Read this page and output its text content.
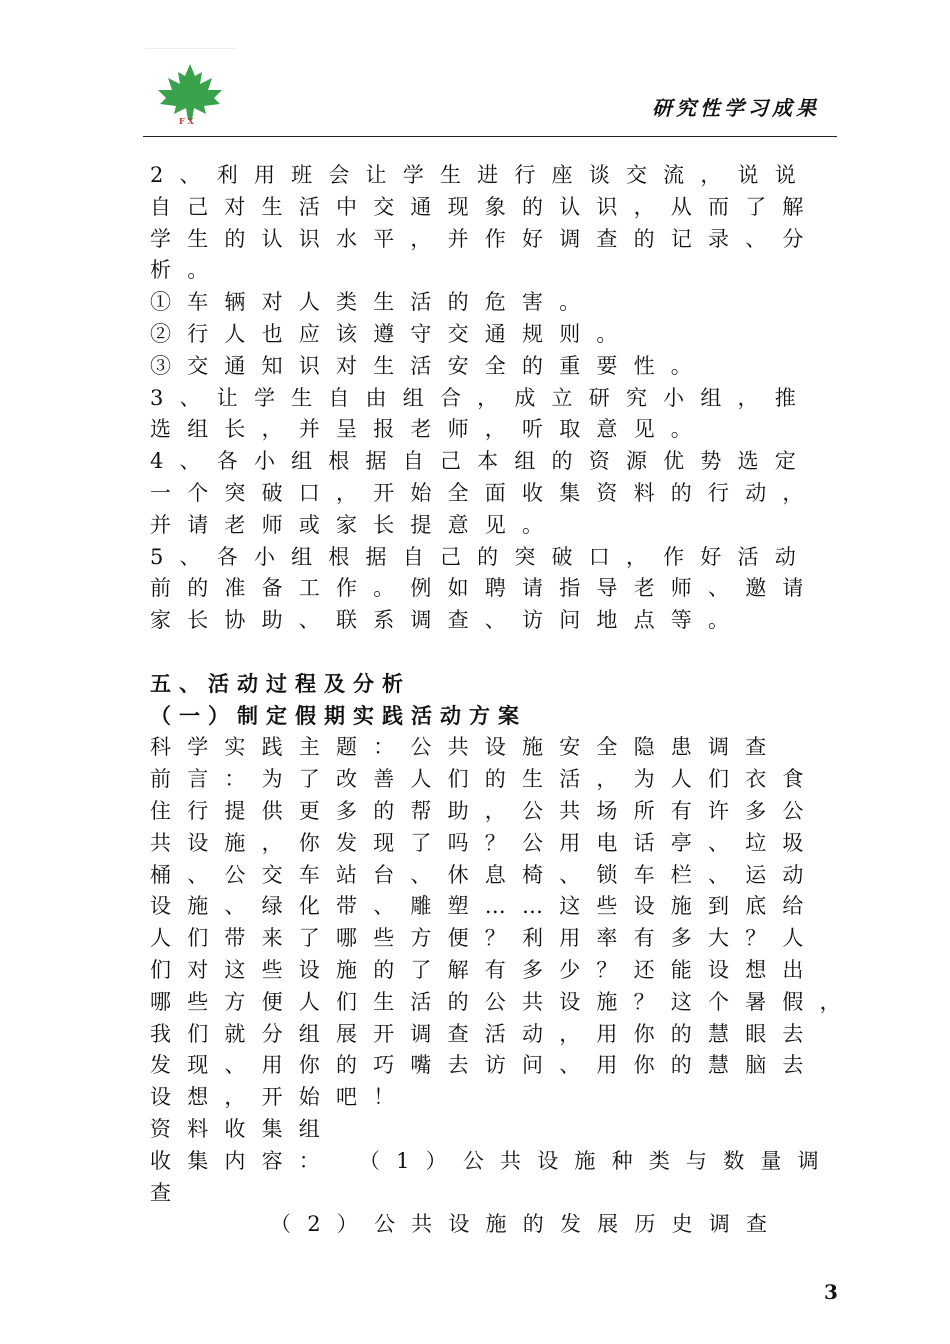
F X
研究性学习成果
2、利用班会让学生进行座谈交流，说说
自己对生活中交通现象的认识，从而了解
学生的认识水平，并作好调查的记录、分
析。
①车辆对人类生活的危害。
②行人也应该遵守交通规则。
③交通知识对生活安全的重要性。
3、让学生自由组合，成立研究小组，推
选组长，并呈报老师，听取意见。
4、各小组根据自己本组的资源优势选定
一个突破口，开始全面收集资料的行动，
并请老师或家长提意见。
5、各小组根据自己的突破口，作好活动
前的准备工作。例如聘请指导老师、邀请
家长协助、联系调查、访问地点等。
五、活动过程及分析
（一）制定假期实践活动方案
科学实践主题：公共设施安全隐患调查
前言：为了改善人们的生活，为人们衣食
住行提供更多的帮助，公共场所有许多公
共设施，你发现了吗？公用电话亭、垃圾
桶、公交车站台、休息椅、锁车栏、运动
设施、绿化带、雕塑……这些设施到底给
人们带来了哪些方便？利用率有多大？人
们对这些设施的了解有多少？还能设想出
哪些方便人们生活的公共设施？这个暑假，
我们就分组展开调查活动，用你的慧眼去
发现、用你的巧嘴去访问、用你的慧脑去
设想，开始吧！
资料收集组
收集内容： （1）公共设施种类与数量调
查
（2）公共设施的发展历史调查
3
